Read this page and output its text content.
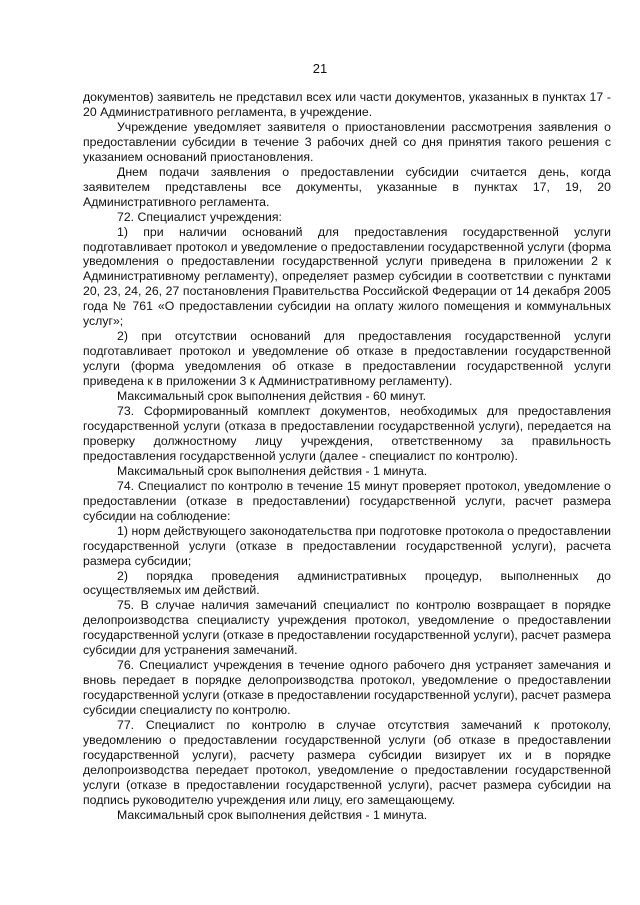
21

документов) заявитель не представил всех или части документов, указанных в пунктах 17 - 20 Административного регламента, в учреждение.

Учреждение уведомляет заявителя о приостановлении рассмотрения заявления о предоставлении субсидии в течение 3 рабочих дней со дня принятия такого решения с указанием оснований приостановления.

Днем подачи заявления о предоставлении субсидии считается день, когда заявителем представлены все документы, указанные в пунктах 17, 19, 20 Административного регламента.

72. Специалист учреждения:

1) при наличии оснований для предоставления государственной услуги подготавливает протокол и уведомление о предоставлении государственной услуги (форма уведомления о предоставлении государственной услуги приведена в приложении 2 к Административному регламенту), определяет размер субсидии в соответствии с пунктами 20, 23, 24, 26, 27 постановления Правительства Российской Федерации от 14 декабря 2005 года № 761 «О предоставлении субсидии на оплату жилого помещения и коммунальных услуг»;

2) при отсутствии оснований для предоставления государственной услуги подготавливает протокол и уведомление об отказе в предоставлении государственной услуги (форма уведомления об отказе в предоставлении государственной услуги приведена к в приложении 3 к Административному регламенту).

Максимальный срок выполнения действия - 60 минут.

73. Сформированный комплект документов, необходимых для предоставления государственной услуги (отказа в предоставлении государственной услуги), передается на проверку должностному лицу учреждения, ответственному за правильность предоставления государственной услуги (далее - специалист по контролю).

Максимальный срок выполнения действия - 1 минута.

74. Специалист по контролю в течение 15 минут проверяет протокол, уведомление о предоставлении (отказе в предоставлении) государственной услуги, расчет размера субсидии на соблюдение:

1) норм действующего законодательства при подготовке протокола о предоставлении государственной услуги (отказе в предоставлении государственной услуги), расчета размера субсидии;

2) порядка проведения административных процедур, выполненных до осуществляемых им действий.

75. В случае наличия замечаний специалист по контролю возвращает в порядке делопроизводства специалисту учреждения протокол, уведомление о предоставлении государственной услуги (отказе в предоставлении государственной услуги), расчет размера субсидии для устранения замечаний.

76. Специалист учреждения в течение одного рабочего дня устраняет замечания и вновь передает в порядке делопроизводства протокол, уведомление о предоставлении государственной услуги (отказе в предоставлении государственной услуги), расчет размера субсидии специалисту по контролю.

77. Специалист по контролю в случае отсутствия замечаний к протоколу, уведомлению о предоставлении государственной услуги (об отказе в предоставлении государственной услуги), расчету размера субсидии визирует их и в порядке делопроизводства передает протокол, уведомление о предоставлении государственной услуги (отказе в предоставлении государственной услуги), расчет размера субсидии на подпись руководителю учреждения или лицу, его замещающему.

Максимальный срок выполнения действия - 1 минута.
